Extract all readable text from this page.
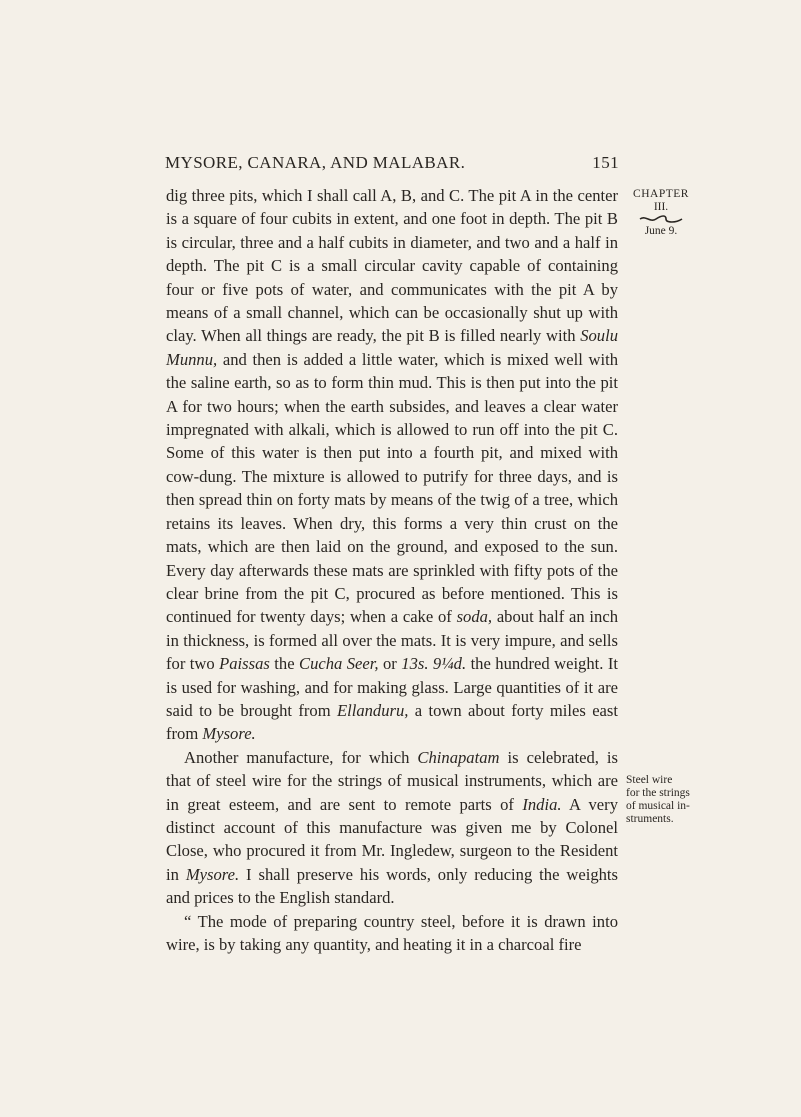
MYSORE, CANARA, AND MALABAR.	151

dig three pits, which I shall call A, B, and C. The pit A in the center is a square of four cubits in extent, and one foot in depth. The pit B is circular, three and a half cubits in diameter, and two and a half in depth. The pit C is a small circular cavity capable of containing four or five pots of water, and communicates with the pit A by means of a small channel, which can be occasionally shut up with clay. When all things are ready, the pit B is filled nearly with Soulu Munnu, and then is added a little water, which is mixed well with the saline earth, so as to form thin mud. This is then put into the pit A for two hours; when the earth subsides, and leaves a clear water impregnated with alkali, which is allowed to run off into the pit C. Some of this water is then put into a fourth pit, and mixed with cow-dung. The mixture is allowed to putrify for three days, and is then spread thin on forty mats by means of the twig of a tree, which retains its leaves. When dry, this forms a very thin crust on the mats, which are then laid on the ground, and exposed to the sun. Every day afterwards these mats are sprinkled with fifty pots of the clear brine from the pit C, procured as before mentioned. This is continued for twenty days; when a cake of soda, about half an inch in thickness, is formed all over the mats. It is very impure, and sells for two Paissas the Cucha Seer, or 13s. 9¼d. the hundred weight. It is used for washing, and for making glass. Large quantities of it are said to be brought from Ellanduru, a town about forty miles east from Mysore.

Another manufacture, for which Chinapatam is celebrated, is that of steel wire for the strings of musical instruments, which are in great esteem, and are sent to remote parts of India. A very distinct account of this manufacture was given me by Colonel Close, who procured it from Mr. Ingledew, surgeon to the Resident in Mysore. I shall preserve his words, only reducing the weights and prices to the English standard.

“ The mode of preparing country steel, before it is drawn into wire, is by taking any quantity, and heating it in a charcoal fire

CHAPTER
III.
June 9.
Steel wire
for the strings
of musical in-
struments.
